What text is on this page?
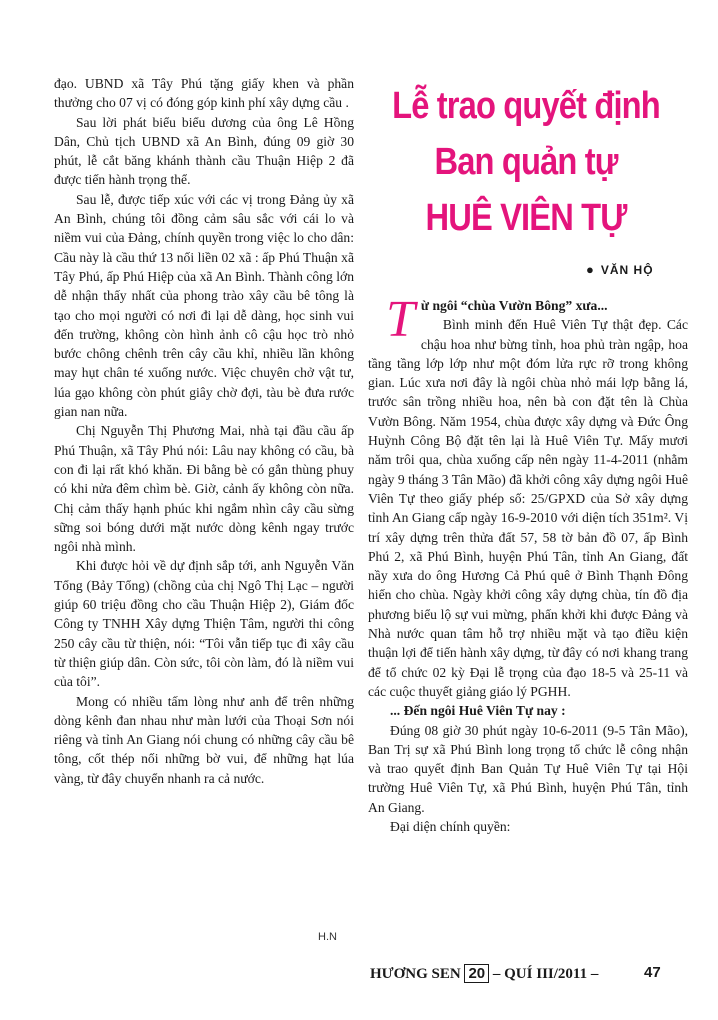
đạo. UBND xã Tây Phú tặng giấy khen và phần thưởng cho 07 vị có đóng góp kinh phí xây dựng cầu .

Sau lời phát biểu biểu dương của ông Lê Hồng Dân, Chủ tịch UBND xã An Bình, đúng 09 giờ 30 phút, lễ cắt băng khánh thành cầu Thuận Hiệp 2 đã được tiến hành trọng thể.

Sau lễ, được tiếp xúc với các vị trong Đảng ủy xã An Bình, chúng tôi đồng cảm sâu sắc với cái lo và niềm vui của Đảng, chính quyền trong việc lo cho dân: Cầu này là cầu thứ 13 nối liền 02 xã : ấp Phú Thuận xã Tây Phú, ấp Phú Hiệp của xã An Bình. Thành công lớn dễ nhận thấy nhất của phong trào xây cầu bê tông là tạo cho mọi người có nơi đi lại dễ dàng, học sinh vui đến trường, không còn hình ảnh cô cậu học trò nhỏ bước chông chênh trên cây cầu khỉ, nhiều lần không may hụt chân té xuống nước. Việc chuyên chở vật tư, lúa gạo không còn phút giây chờ đợi, tàu bè đưa rước gian nan nữa.

Chị Nguyễn Thị Phương Mai, nhà tại đầu cầu ấp Phú Thuận, xã Tây Phú nói: Lâu nay không có cầu, bà con đi lại rất khó khăn. Đi bằng bè có gắn thùng phuy có khi nửa đêm chìm bè. Giờ, cảnh ấy không còn nữa. Chị cảm thấy hạnh phúc khi ngắm nhìn cây cầu sừng sững soi bóng dưới mặt nước dòng kênh ngay trước ngôi nhà mình.

Khi được hỏi về dự định sắp tới, anh Nguyễn Văn Tổng (Bảy Tổng) (chồng của chị Ngô Thị Lạc – người giúp 60 triệu đồng cho cầu Thuận Hiệp 2), Giám đốc Công ty TNHH Xây dựng Thiện Tâm, người thi công 250 cây cầu từ thiện, nói: “Tôi vẫn tiếp tục đi xây cầu từ thiện giúp dân. Còn sức, tôi còn làm, đó là niềm vui của tôi”.

Mong có nhiều tấm lòng như anh để trên những dòng kênh đan nhau như màn lưới của Thoại Sơn nói riêng và tỉnh An Giang nói chung có những cây cầu bê tông, cốt thép nối những bờ vui, để những hạt lúa vàng, từ đây chuyển nhanh ra cả nước.

H.N
Lễ trao quyết định
Ban quản tự
HUÊ VIÊN TỰ
● VĂN HỘ
T ừ ngôi “chùa Vườn Bông” xưa...

Bình minh đến Huê Viên Tự thật đẹp. Các chậu hoa như bừng tỉnh, hoa phủ tràn ngập, hoa tầng tầng lớp lớp như một đóm lửa rực rỡ trong không gian. Lúc xưa nơi đây là ngôi chùa nhỏ mái lợp bằng lá, trước sân trồng nhiều hoa, nên bà con đặt tên là Chùa Vườn Bông. Năm 1954, chùa được xây dựng và Đức Ông Huỳnh Công Bộ đặt tên lại là Huê Viên Tự. Mấy mươi năm trôi qua, chùa xuống cấp nên ngày 11-4-2011 (nhằm ngày 9 tháng 3 Tân Mão) đã khởi công xây dựng ngôi Huê Viên Tự theo giấy phép số: 25/GPXD của Sở xây dựng tỉnh An Giang cấp ngày 16-9-2010 với diện tích 351m². Vị trí xây dựng trên thửa đất 57, 58 tờ bản đồ 07, ấp Bình Phú 2, xã Phú Bình, huyện Phú Tân, tỉnh An Giang, đất nầy xưa do ông Hương Cả Phú quê ở Bình Thạnh Đông hiến cho chùa. Ngày khởi công xây dựng chùa, tín đồ địa phương biểu lộ sự vui mừng, phấn khởi khi được Đảng và Nhà nước quan tâm hỗ trợ nhiều mặt và tạo điều kiện thuận lợi để tiến hành xây dựng, từ đây có nơi khang trang để tổ chức 02 kỳ Đại lễ trọng của đạo 18-5 và 25-11 và các cuộc thuyết giảng giáo lý PGHH.

... Đến ngôi Huê Viên Tự nay :

Đúng 08 giờ 30 phút ngày 10-6-2011 (9-5 Tân Mão), Ban Trị sự xã Phú Bình long trọng tổ chức lễ công nhận và trao quyết định Ban Quản Tự Huê Viên Tự tại Hội trường Huê Viên Tự, xã Phú Bình, huyện Phú Tân, tỉnh An Giang.

Đại diện chính quyền:

HƯƠNG SEN 20 – QUÍ III/2011 –	47
